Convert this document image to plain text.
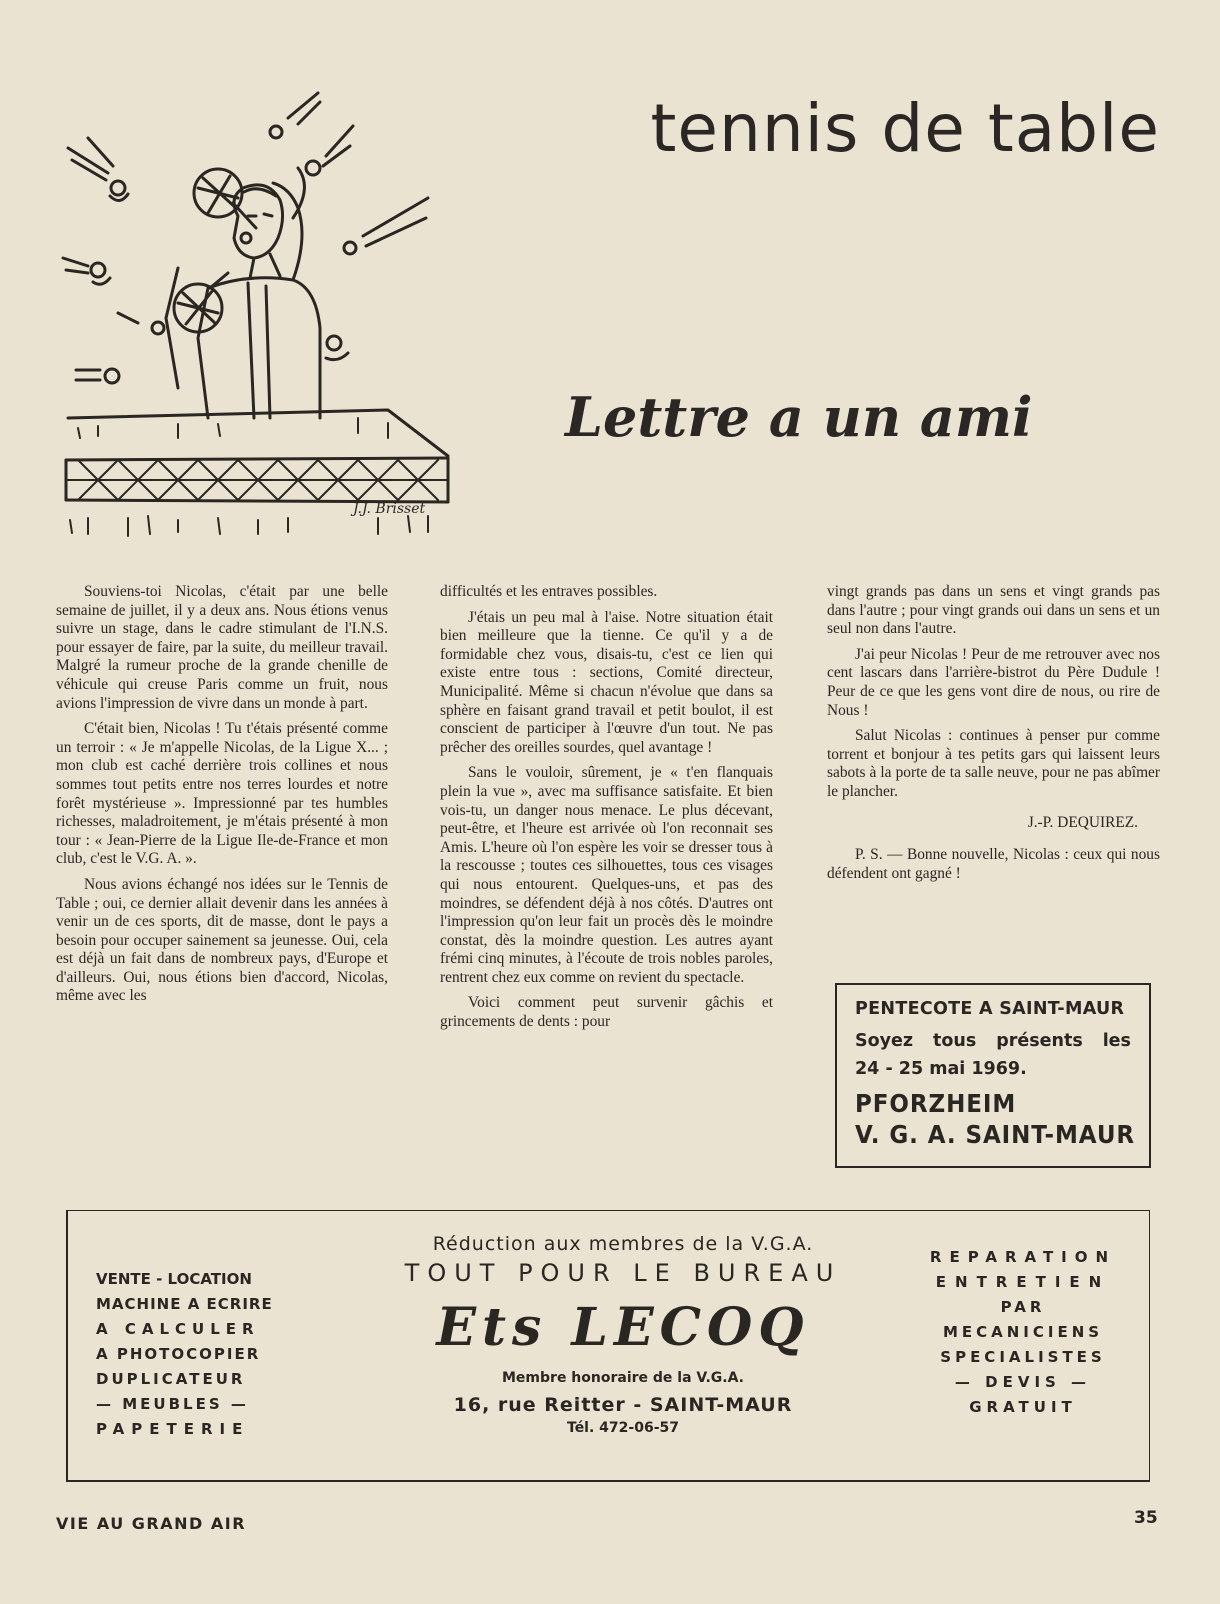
J.J. Brisset
tennis de table
Lettre a un ami

Souviens-toi Nicolas, c'était par une belle semaine de juillet, il y a deux ans. Nous étions venus suivre un stage, dans le cadre stimulant de l'I.N.S. pour essayer de faire, par la suite, du meilleur travail. Malgré la rumeur proche de la grande chenille de véhicule qui creuse Paris comme un fruit, nous avions l'impression de vivre dans un monde à part.

C'était bien, Nicolas ! Tu t'étais présenté comme un terroir : « Je m'appelle Nicolas, de la Ligue X... ; mon club est caché derrière trois collines et nous sommes tout petits entre nos terres lourdes et notre forêt mystérieuse ». Impressionné par tes humbles richesses, maladroitement, je m'étais présenté à mon tour : « Jean-Pierre de la Ligue Ile-de-France et mon club, c'est le V.G. A. ».

Nous avions échangé nos idées sur le Tennis de Table ; oui, ce dernier allait devenir dans les années à venir un de ces sports, dit de masse, dont le pays a besoin pour occuper sainement sa jeunesse. Oui, cela est déjà un fait dans de nombreux pays, d'Europe et d'ailleurs. Oui, nous étions bien d'accord, Nicolas, même avec les

difficultés et les entraves possibles.

J'étais un peu mal à l'aise. Notre situation était bien meilleure que la tienne. Ce qu'il y a de formidable chez vous, disais-tu, c'est ce lien qui existe entre tous : sections, Comité directeur, Municipalité. Même si chacun n'évolue que dans sa sphère en faisant grand travail et petit boulot, il est conscient de participer à l'œuvre d'un tout. Ne pas prêcher des oreilles sourdes, quel avantage !

Sans le vouloir, sûrement, je « t'en flanquais plein la vue », avec ma suffisance satisfaite. Et bien vois-tu, un danger nous menace. Le plus décevant, peut-être, et l'heure est arrivée où l'on reconnait ses Amis. L'heure où l'on espère les voir se dresser tous à la rescousse ; toutes ces silhouettes, tous ces visages qui nous entourent. Quelques-uns, et pas des moindres, se défendent déjà à nos côtés. D'autres ont l'impression qu'on leur fait un procès dès le moindre constat, dès la moindre question. Les autres ayant frémi cinq minutes, à l'écoute de trois nobles paroles, rentrent chez eux comme on revient du spectacle.

Voici comment peut survenir gâchis et grincements de dents : pour

vingt grands pas dans un sens et vingt grands pas dans l'autre ; pour vingt grands oui dans un sens et un seul non dans l'autre.

J'ai peur Nicolas ! Peur de me retrouver avec nos cent lascars dans l'arrière-bistrot du Père Dudule ! Peur de ce que les gens vont dire de nous, ou rire de Nous !

Salut Nicolas : continues à penser pur comme torrent et bonjour à tes petits gars qui laissent leurs sabots à la porte de ta salle neuve, pour ne pas abîmer le plancher.

J.-P. DEQUIREZ.

P. S. — Bonne nouvelle, Nicolas : ceux qui nous défendent ont gagné !

PENTECOTE A SAINT-MAUR
Soyez tous présents les
24 - 25 mai 1969.
PFORZHEIM
V. G. A. SAINT-MAUR
VENTE - LOCATION
MACHINE A ECRIRE
A CALCULER
A PHOTOCOPIER
DUPLICATEUR
— MEUBLES —
PAPETERIE
Réduction aux membres de la V.G.A.
TOUT POUR LE BUREAU
Ets LECOQ
Membre honoraire de la V.G.A.
16, rue Reitter - SAINT-MAUR
Tél. 472-06-57
REPARATION
ENTRETIEN
PAR
MECANICIENS
SPECIALISTES
— DEVIS —
GRATUIT
VIE AU GRAND AIR	35
